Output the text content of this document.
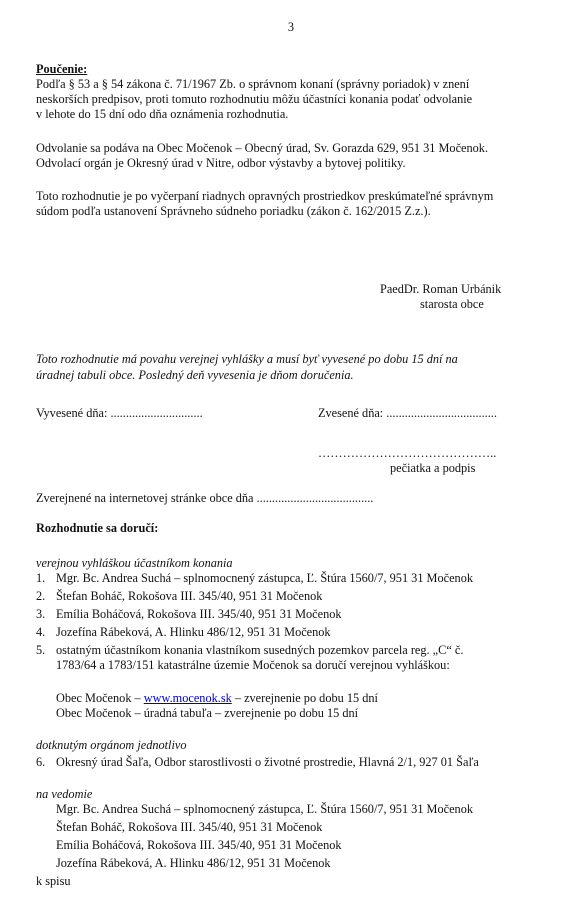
3
Poučenie:
Podľa § 53 a § 54 zákona č. 71/1967 Zb. o správnom konaní (správny poriadok) v znení
neskorších predpisov, proti tomuto rozhodnutiu môžu účastníci konania podať odvolanie
v lehote do 15 dní odo dňa oznámenia rozhodnutia.
Odvolanie sa podáva na Obec Močenok – Obecný úrad, Sv. Gorazda 629, 951 31 Močenok.
Odvolací orgán je Okresný úrad v Nitre, odbor výstavby a bytovej politiky.
Toto rozhodnutie je po vyčerpaní riadnych opravných prostriedkov preskúmateľné správnym
súdom podľa ustanovení Správneho súdneho poriadku (zákon č. 162/2015 Z.z.).
PaedDr. Roman Urbánik
starosta obce
Toto rozhodnutie má povahu verejnej vyhlášky a musí byť vyvesené po dobu 15 dní na
úradnej tabuli obce. Posledný deň vyvesenia je dňom doručenia.
Vyvesené dňa: ..............................	Zvesené dňa: ....................................
……………………………………..
pečiatka a podpis
Zverejnené na internetovej stránke obce dňa ......................................
Rozhodnutie sa doručí:
verejnou vyhláškou účastníkom konania
1. Mgr. Bc. Andrea Suchá – splnomocnený zástupca, Ľ. Štúra 1560/7, 951 31 Močenok
2. Štefan Boháč, Rokošova III. 345/40, 951 31 Močenok
3. Emília Boháčová, Rokošova III. 345/40, 951 31 Močenok
4. Jozefína Rábeková, A. Hlinku 486/12, 951 31 Močenok
5. ostatným účastníkom konania vlastníkom susedných pozemkov parcela reg. „C“ č.
1783/64 a 1783/151 katastrálne územie Močenok sa doručí verejnou vyhláškou:
Obec Močenok – www.mocenok.sk – zverejnenie po dobu 15 dní
Obec Močenok – úradná tabuľa – zverejnenie po dobu 15 dní
dotknutým orgánom jednotlivo
6. Okresný úrad Šaľa, Odbor starostlivosti o životné prostredie, Hlavná 2/1, 927 01 Šaľa
na vedomie
Mgr. Bc. Andrea Suchá – splnomocnený zástupca, Ľ. Štúra 1560/7, 951 31 Močenok
Štefan Boháč, Rokošova III. 345/40, 951 31 Močenok
Emília Boháčová, Rokošova III. 345/40, 951 31 Močenok
Jozefína Rábeková, A. Hlinku 486/12, 951 31 Močenok
k spisu
